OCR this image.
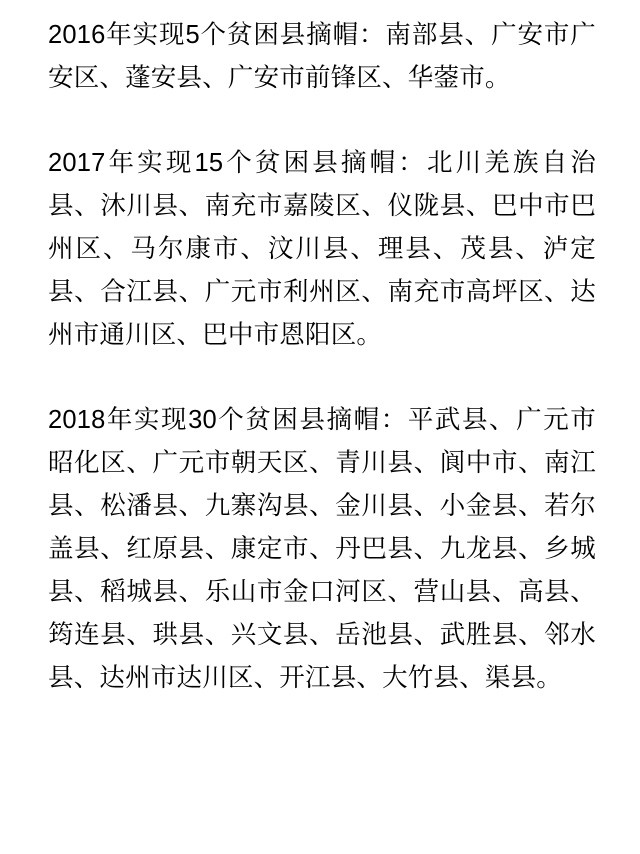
2016年实现5个贫困县摘帽：南部县、广安市广安区、蓬安县、广安市前锋区、华蓥市。

2017年实现15个贫困县摘帽：北川羌族自治县、沐川县、南充市嘉陵区、仪陇县、巴中市巴州区、马尔康市、汶川县、理县、茂县、泸定县、合江县、广元市利州区、南充市高坪区、达州市通川区、巴中市恩阳区。

2018年实现30个贫困县摘帽：平武县、广元市昭化区、广元市朝天区、青川县、阆中市、南江县、松潘县、九寨沟县、金川县、小金县、若尔盖县、红原县、康定市、丹巴县、九龙县、乡城县、稻城县、乐山市金口河区、营山县、高县、筠连县、珙县、兴文县、岳池县、武胜县、邻水县、达州市达川区、开江县、大竹县、渠县。
